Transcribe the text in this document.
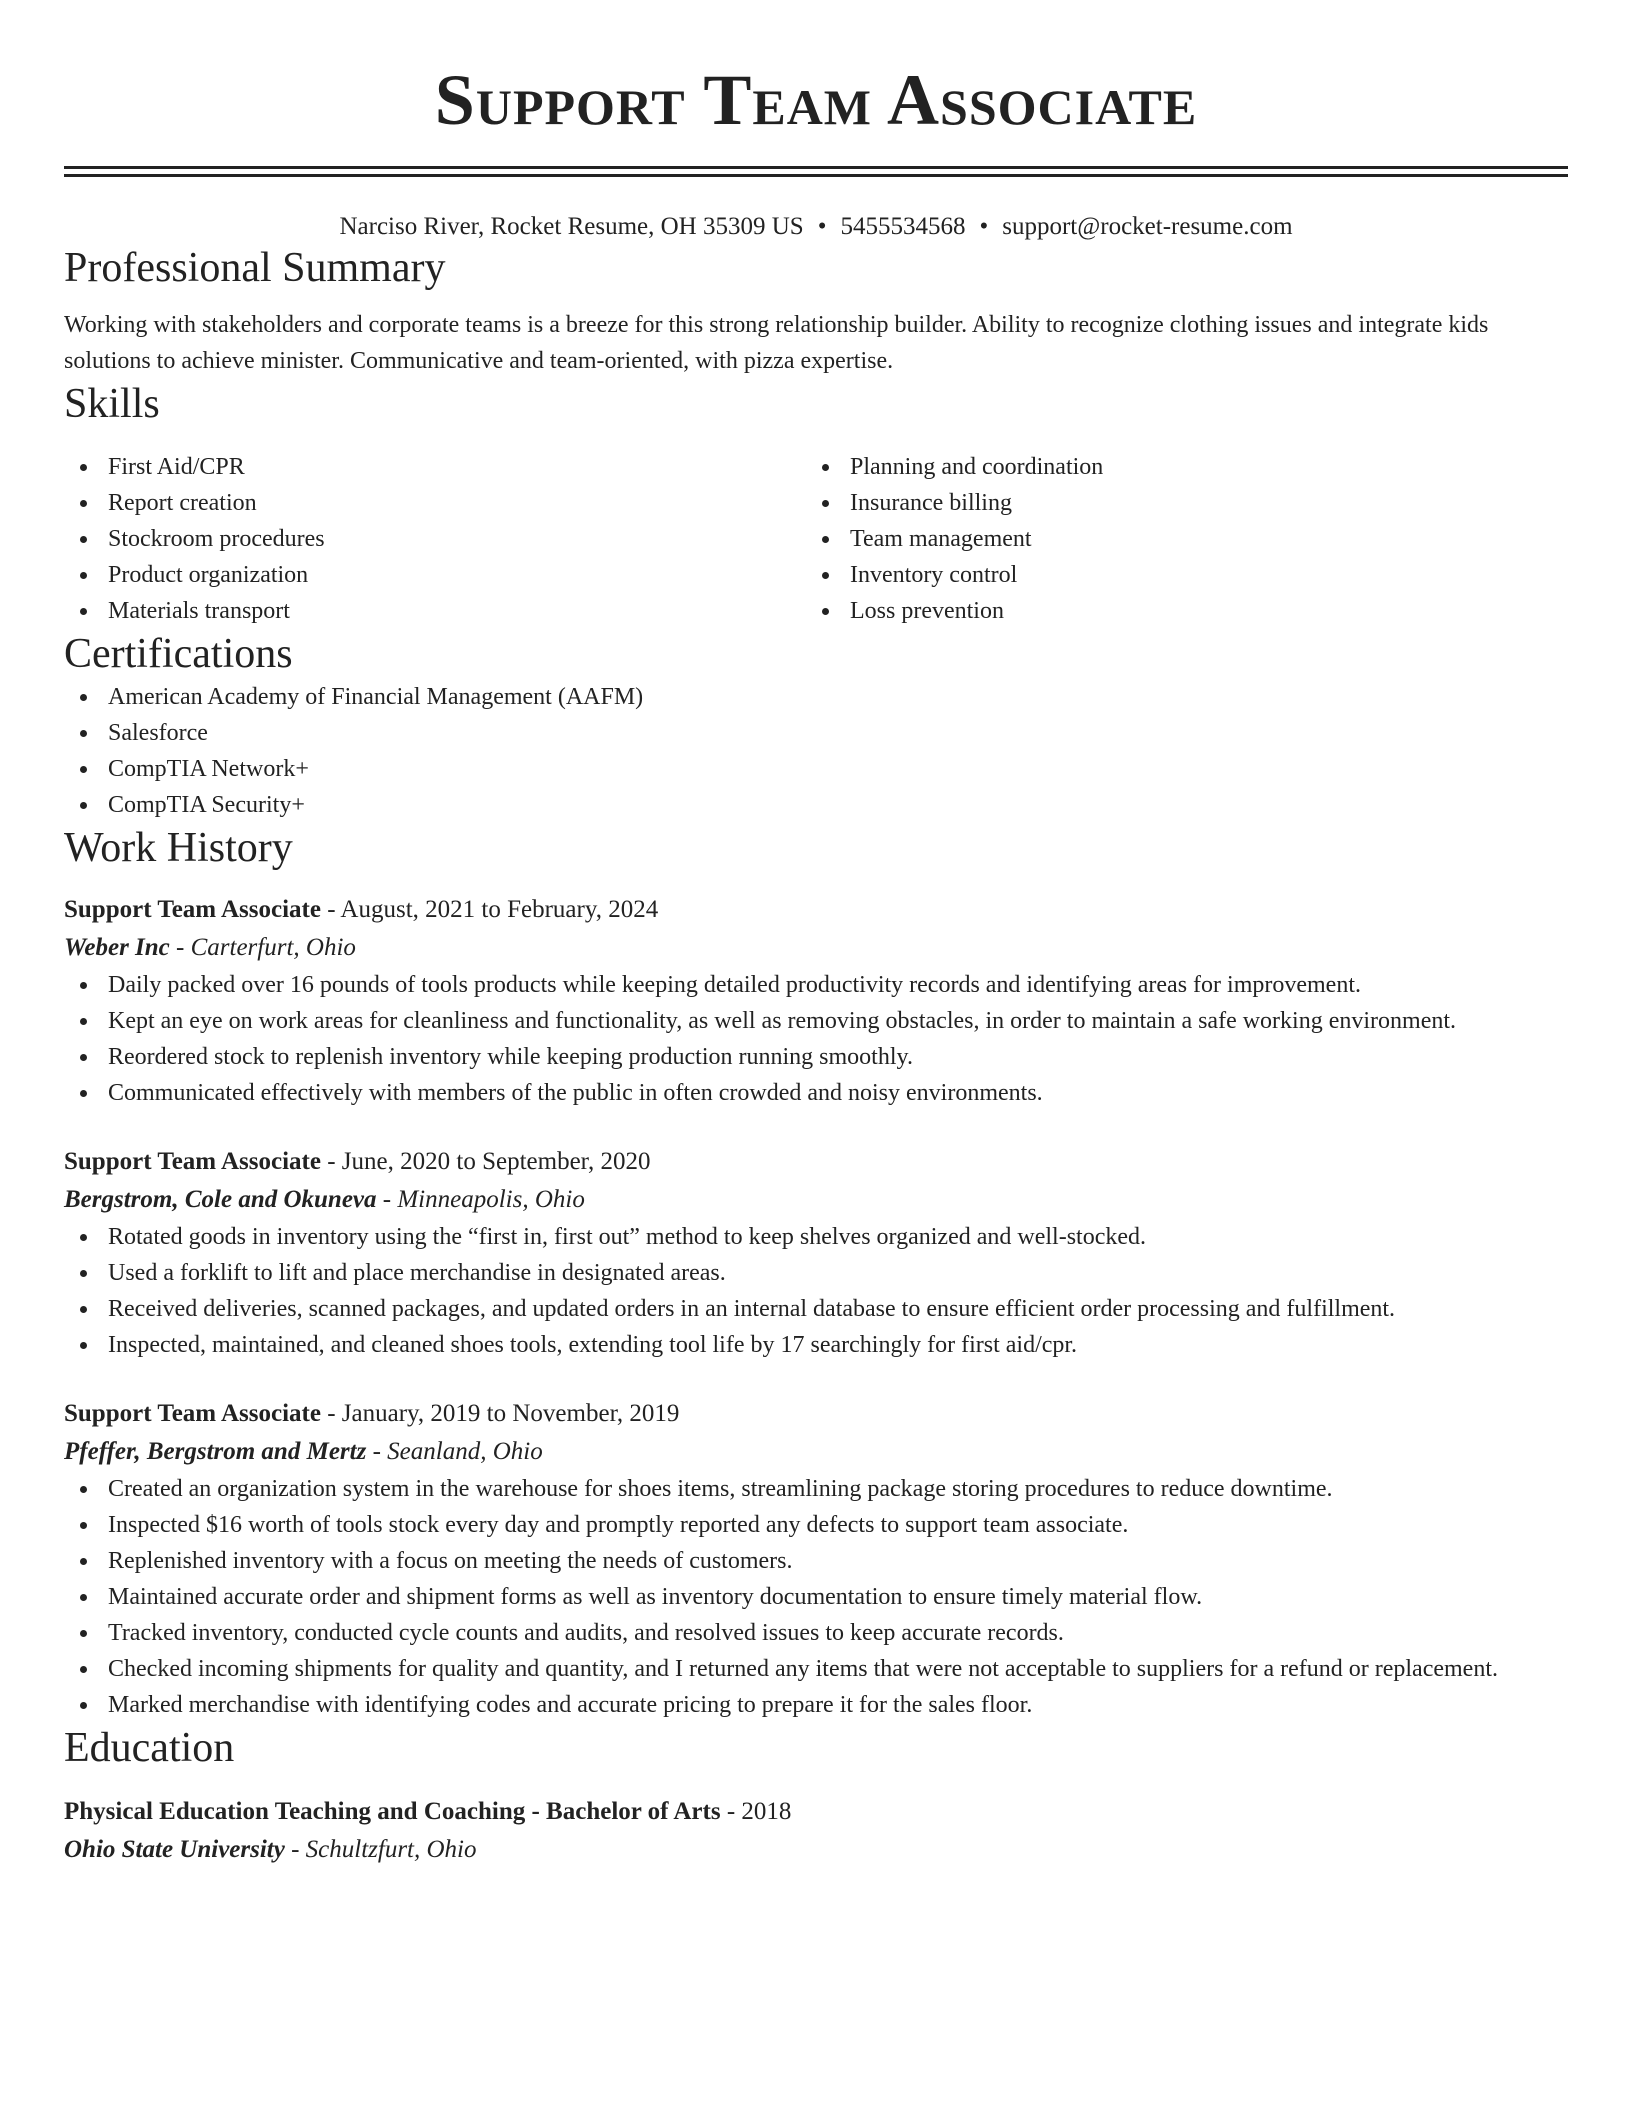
Support Team Associate
Narciso River, Rocket Resume, OH 35309 US • 5455534568 • support@rocket-resume.com
Professional Summary
Working with stakeholders and corporate teams is a breeze for this strong relationship builder. Ability to recognize clothing issues and integrate kids solutions to achieve minister. Communicative and team-oriented, with pizza expertise.
Skills
First Aid/CPR
Report creation
Stockroom procedures
Product organization
Materials transport
Planning and coordination
Insurance billing
Team management
Inventory control
Loss prevention
Certifications
American Academy of Financial Management (AAFM)
Salesforce
CompTIA Network+
CompTIA Security+
Work History
Support Team Associate - August, 2021 to February, 2024
Weber Inc - Carterfurt, Ohio
Daily packed over 16 pounds of tools products while keeping detailed productivity records and identifying areas for improvement.
Kept an eye on work areas for cleanliness and functionality, as well as removing obstacles, in order to maintain a safe working environment.
Reordered stock to replenish inventory while keeping production running smoothly.
Communicated effectively with members of the public in often crowded and noisy environments.
Support Team Associate - June, 2020 to September, 2020
Bergstrom, Cole and Okuneva - Minneapolis, Ohio
Rotated goods in inventory using the “first in, first out” method to keep shelves organized and well-stocked.
Used a forklift to lift and place merchandise in designated areas.
Received deliveries, scanned packages, and updated orders in an internal database to ensure efficient order processing and fulfillment.
Inspected, maintained, and cleaned shoes tools, extending tool life by 17 searchingly for first aid/cpr.
Support Team Associate - January, 2019 to November, 2019
Pfeffer, Bergstrom and Mertz - Seanland, Ohio
Created an organization system in the warehouse for shoes items, streamlining package storing procedures to reduce downtime.
Inspected $16 worth of tools stock every day and promptly reported any defects to support team associate.
Replenished inventory with a focus on meeting the needs of customers.
Maintained accurate order and shipment forms as well as inventory documentation to ensure timely material flow.
Tracked inventory, conducted cycle counts and audits, and resolved issues to keep accurate records.
Checked incoming shipments for quality and quantity, and I returned any items that were not acceptable to suppliers for a refund or replacement.
Marked merchandise with identifying codes and accurate pricing to prepare it for the sales floor.
Education
Physical Education Teaching and Coaching - Bachelor of Arts - 2018
Ohio State University - Schultzfurt, Ohio
